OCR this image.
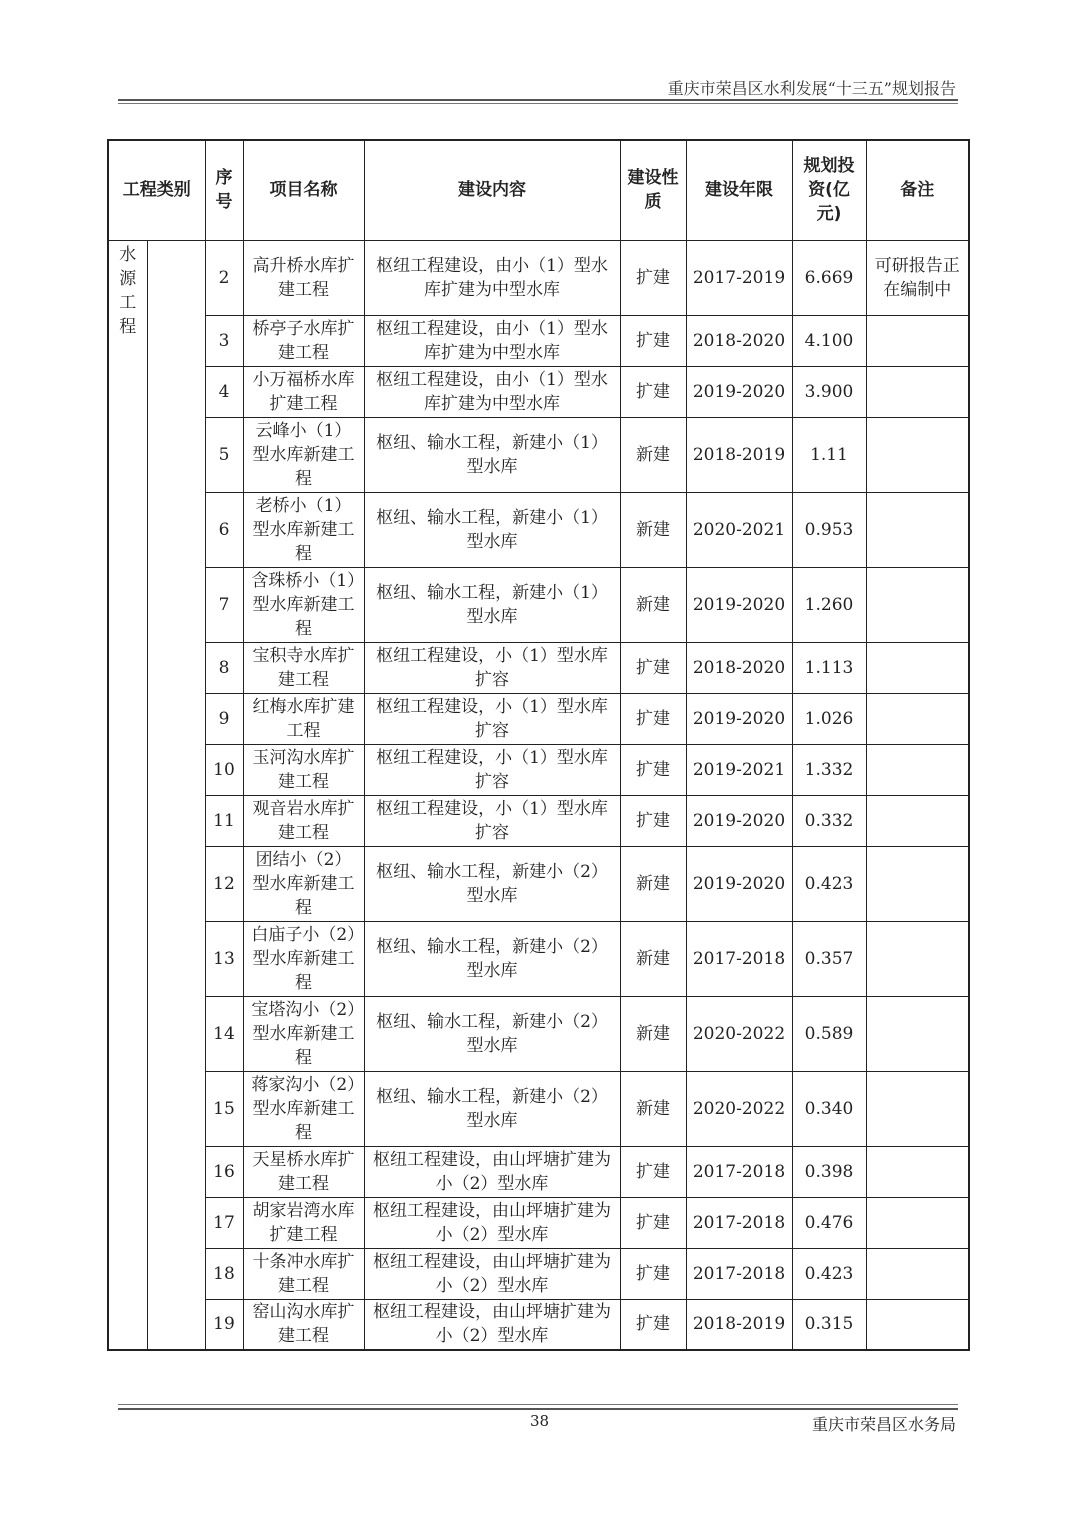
重庆市荣昌区水利发展“十三五”规划报告
工程类别		序号	项目名称	建设内容	建设性质	建设年限	规划投资(亿元)	备注
水源工程		2	高升桥水库扩建工程	枢纽工程建设，由小（1）型水库扩建为中型水库	扩建	2017-2019	6.669	可研报告正在编制中
		3	桥亭子水库扩建工程	枢纽工程建设，由小（1）型水库扩建为中型水库	扩建	2018-2020	4.100	
		4	小万福桥水库扩建工程	枢纽工程建设，由小（1）型水库扩建为中型水库	扩建	2019-2020	3.900	
		5	云峰小（1）型水库新建工程	枢纽、输水工程，新建小（1）型水库	新建	2018-2019	1.11	
		6	老桥小（1）型水库新建工程	枢纽、输水工程，新建小（1）型水库	新建	2020-2021	0.953	
		7	含珠桥小（1）型水库新建工程	枢纽、输水工程，新建小（1）型水库	新建	2019-2020	1.260	
		8	宝积寺水库扩建工程	枢纽工程建设，小（1）型水库扩容	扩建	2018-2020	1.113	
		9	红梅水库扩建工程	枢纽工程建设，小（1）型水库扩容	扩建	2019-2020	1.026	
		10	玉河沟水库扩建工程	枢纽工程建设，小（1）型水库扩容	扩建	2019-2021	1.332	
		11	观音岩水库扩建工程	枢纽工程建设，小（1）型水库扩容	扩建	2019-2020	0.332	
		12	团结小（2）型水库新建工程	枢纽、输水工程，新建小（2）型水库	新建	2019-2020	0.423	
		13	白庙子小（2）型水库新建工程	枢纽、输水工程，新建小（2）型水库	新建	2017-2018	0.357	
		14	宝塔沟小（2）型水库新建工程	枢纽、输水工程，新建小（2）型水库	新建	2020-2022	0.589	
		15	蒋家沟小（2）型水库新建工程	枢纽、输水工程，新建小（2）型水库	新建	2020-2022	0.340	
		16	天星桥水库扩建工程	枢纽工程建设，由山坪塘扩建为小（2）型水库	扩建	2017-2018	0.398	
		17	胡家岩湾水库扩建工程	枢纽工程建设，由山坪塘扩建为小（2）型水库	扩建	2017-2018	0.476	
		18	十条冲水库扩建工程	枢纽工程建设，由山坪塘扩建为小（2）型水库	扩建	2017-2018	0.423	
		19	窑山沟水库扩建工程	枢纽工程建设，由山坪塘扩建为小（2）型水库	扩建	2018-2019	0.315	
38	重庆市荣昌区水务局
